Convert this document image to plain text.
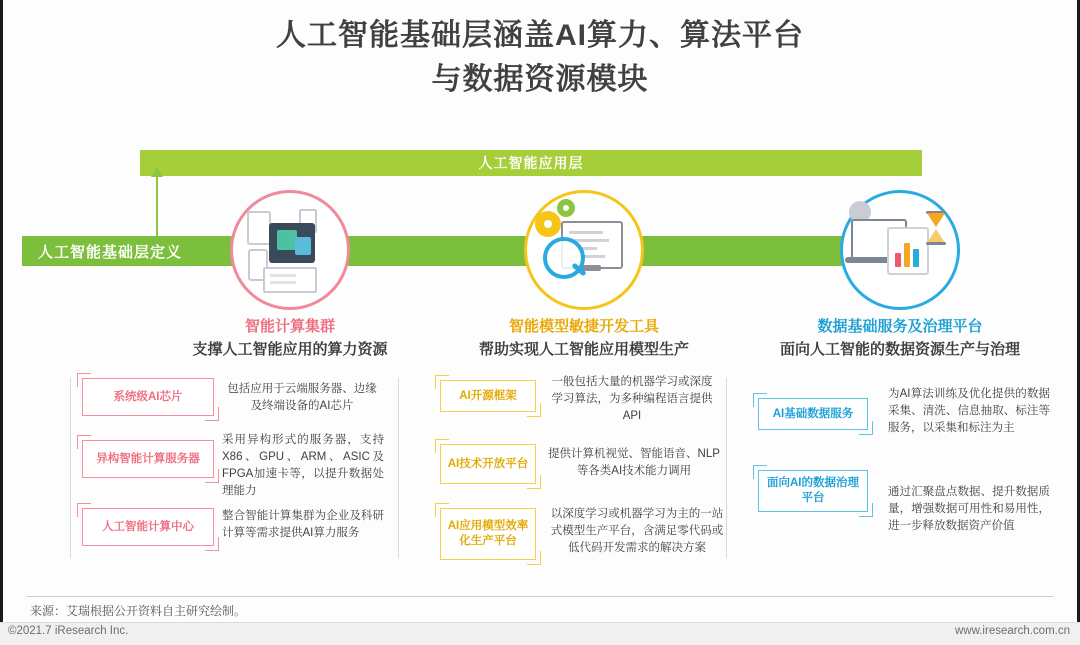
人工智能基础层涵盖AI算力、算法平台
与数据资源模块
人工智能应用层
人工智能基础层定义
智能计算集群
支撑人工智能应用的算力资源
智能模型敏捷开发工具
帮助实现人工智能应用模型生产
数据基础服务及治理平台
面向人工智能的数据资源生产与治理
系统级AI芯片
包括应用于云端服务器、边缘及终端设备的AI芯片
异构智能计算服务器
采用异构形式的服务器，支持X86、GPU、ARM、ASIC及FPGA加速卡等，以提升数据处理能力
人工智能计算中心
整合智能计算集群为企业及科研计算等需求提供AI算力服务
AI开源框架
一般包括大量的机器学习或深度学习算法，为多种编程语言提供API
AI技术开放平台
提供计算机视觉、智能语音、NLP等各类AI技术能力调用
AI应用模型效率化生产平台
以深度学习或机器学习为主的一站式模型生产平台，含满足零代码或低代码开发需求的解决方案
AI基础数据服务
为AI算法训练及优化提供的数据采集、清洗、信息抽取、标注等服务，以采集和标注为主
面向AI的数据治理平台	通过汇聚盘点数据、提升数据质量，增强数据可用性和易用性，进一步释放数据资产价值
来源：艾瑞根据公开资料自主研究绘制。
©2021.7 iResearch Inc.	www.iresearch.com.cn
